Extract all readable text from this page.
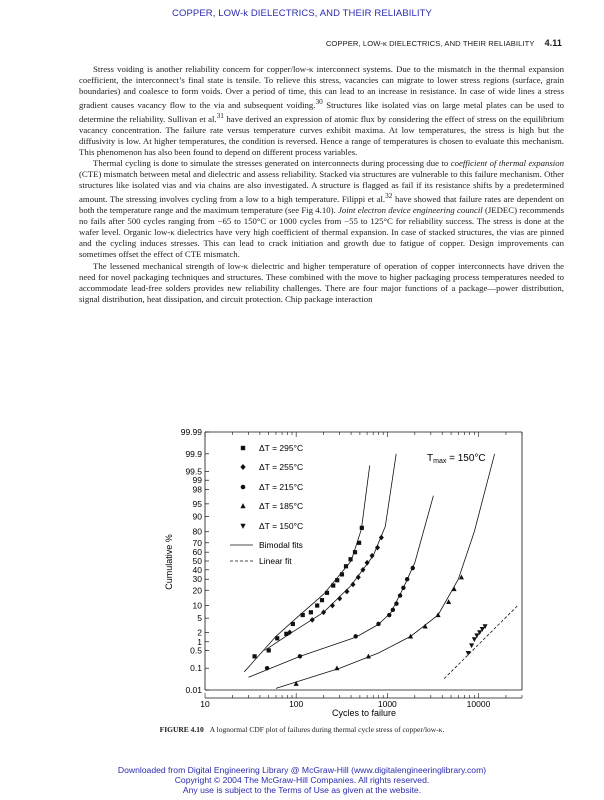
COPPER, LOW-k DIELECTRICS, AND THEIR RELIABILITY
COPPER, LOW-κ DIELECTRICS, AND THEIR RELIABILITY 4.11

Stress voiding is another reliability concern for copper/low-κ interconnect systems. Due to the mismatch in the thermal expansion coefficient, the interconnect’s final state is tensile. To relieve this stress, vacancies can migrate to lower stress regions (surface, grain boundaries) and coalesce to form voids. Over a period of time, this can lead to an increase in resistance. In case of wide lines a stress gradient causes vacancy flow to the via and subsequent voiding.$^{30}$ Structures like isolated vias on large metal plates can be used to determine the reliability. Sullivan et al.$^{31}$ have derived an expression of atomic flux by considering the effect of stress on the equilibrium vacancy concentration. The failure rate versus temperature curves exhibit maxima. At low temperatures, the stress is high but the diffusivity is low. At higher temperatures, the condition is reversed. Hence a range of temperatures is chosen to evaluate this mechanism. This phenomenon has also been found to depend on different process variables.

Thermal cycling is done to simulate the stresses generated on interconnects during processing due to coefficient of thermal expansion (CTE) mismatch between metal and dielectric and assess reliability. Stacked via structures are vulnerable to this failure mechanism. Other structures like isolated vias and via chains are also investigated. A structure is flagged as fail if its resistance shifts by a predetermined amount. The stressing involves cycling from a low to a high temperature. Filippi et al.$^{32}$ have showed that failure rates are dependent on both the temperature range and the maximum temperature (see Fig 4.10). Joint electron device engineering council (JEDEC) recommends no fails after 500 cycles ranging from −65 to 150°C or 1000 cycles from −55 to 125°C for reliability success. The stress is done at the wafer level. Organic low-κ dielectrics have very high coefficient of thermal expansion. In case of stacked structures, the vias are pinned and the cycling induces stresses. This can lead to crack initiation and growth due to fatigue of copper. Design improvements can sometimes offset the effect of CTE mismatch.

The lessened mechanical strength of low-κ dielectric and higher temperature of operation of copper interconnects have driven the need for novel packaging techniques and structures. These combined with the move to higher packaging process temperatures needed to accommodate lead-free solders provides new reliability challenges. There are four major functions of a package—power distribution, signal distribution, heat dissipation, and circuit protection. Chip package interaction

99.99
99.9
99.5
99
98
95
90
80
70
60
50
40
30
20
10
5
2
1
0.5
0.1
0.01
10	100	1000	10000
ΔT = 295°C
ΔT = 255°C
ΔT = 215°C
ΔT = 185°C
ΔT = 150°C
Bimodal fits
Linear fit
Cumulative %
Cycles to failure
$T_{max} = 150^\circ C$
FIGURE 4.10 A lognormal CDF plot of failures during thermal cycle stress of copper/low-κ.
Downloaded from Digital Engineering Library @ McGraw-Hill (www.digitalengineeringlibrary.com)
Copyright © 2004 The McGraw-Hill Companies. All rights reserved.
Any use is subject to the Terms of Use as given at the website.
